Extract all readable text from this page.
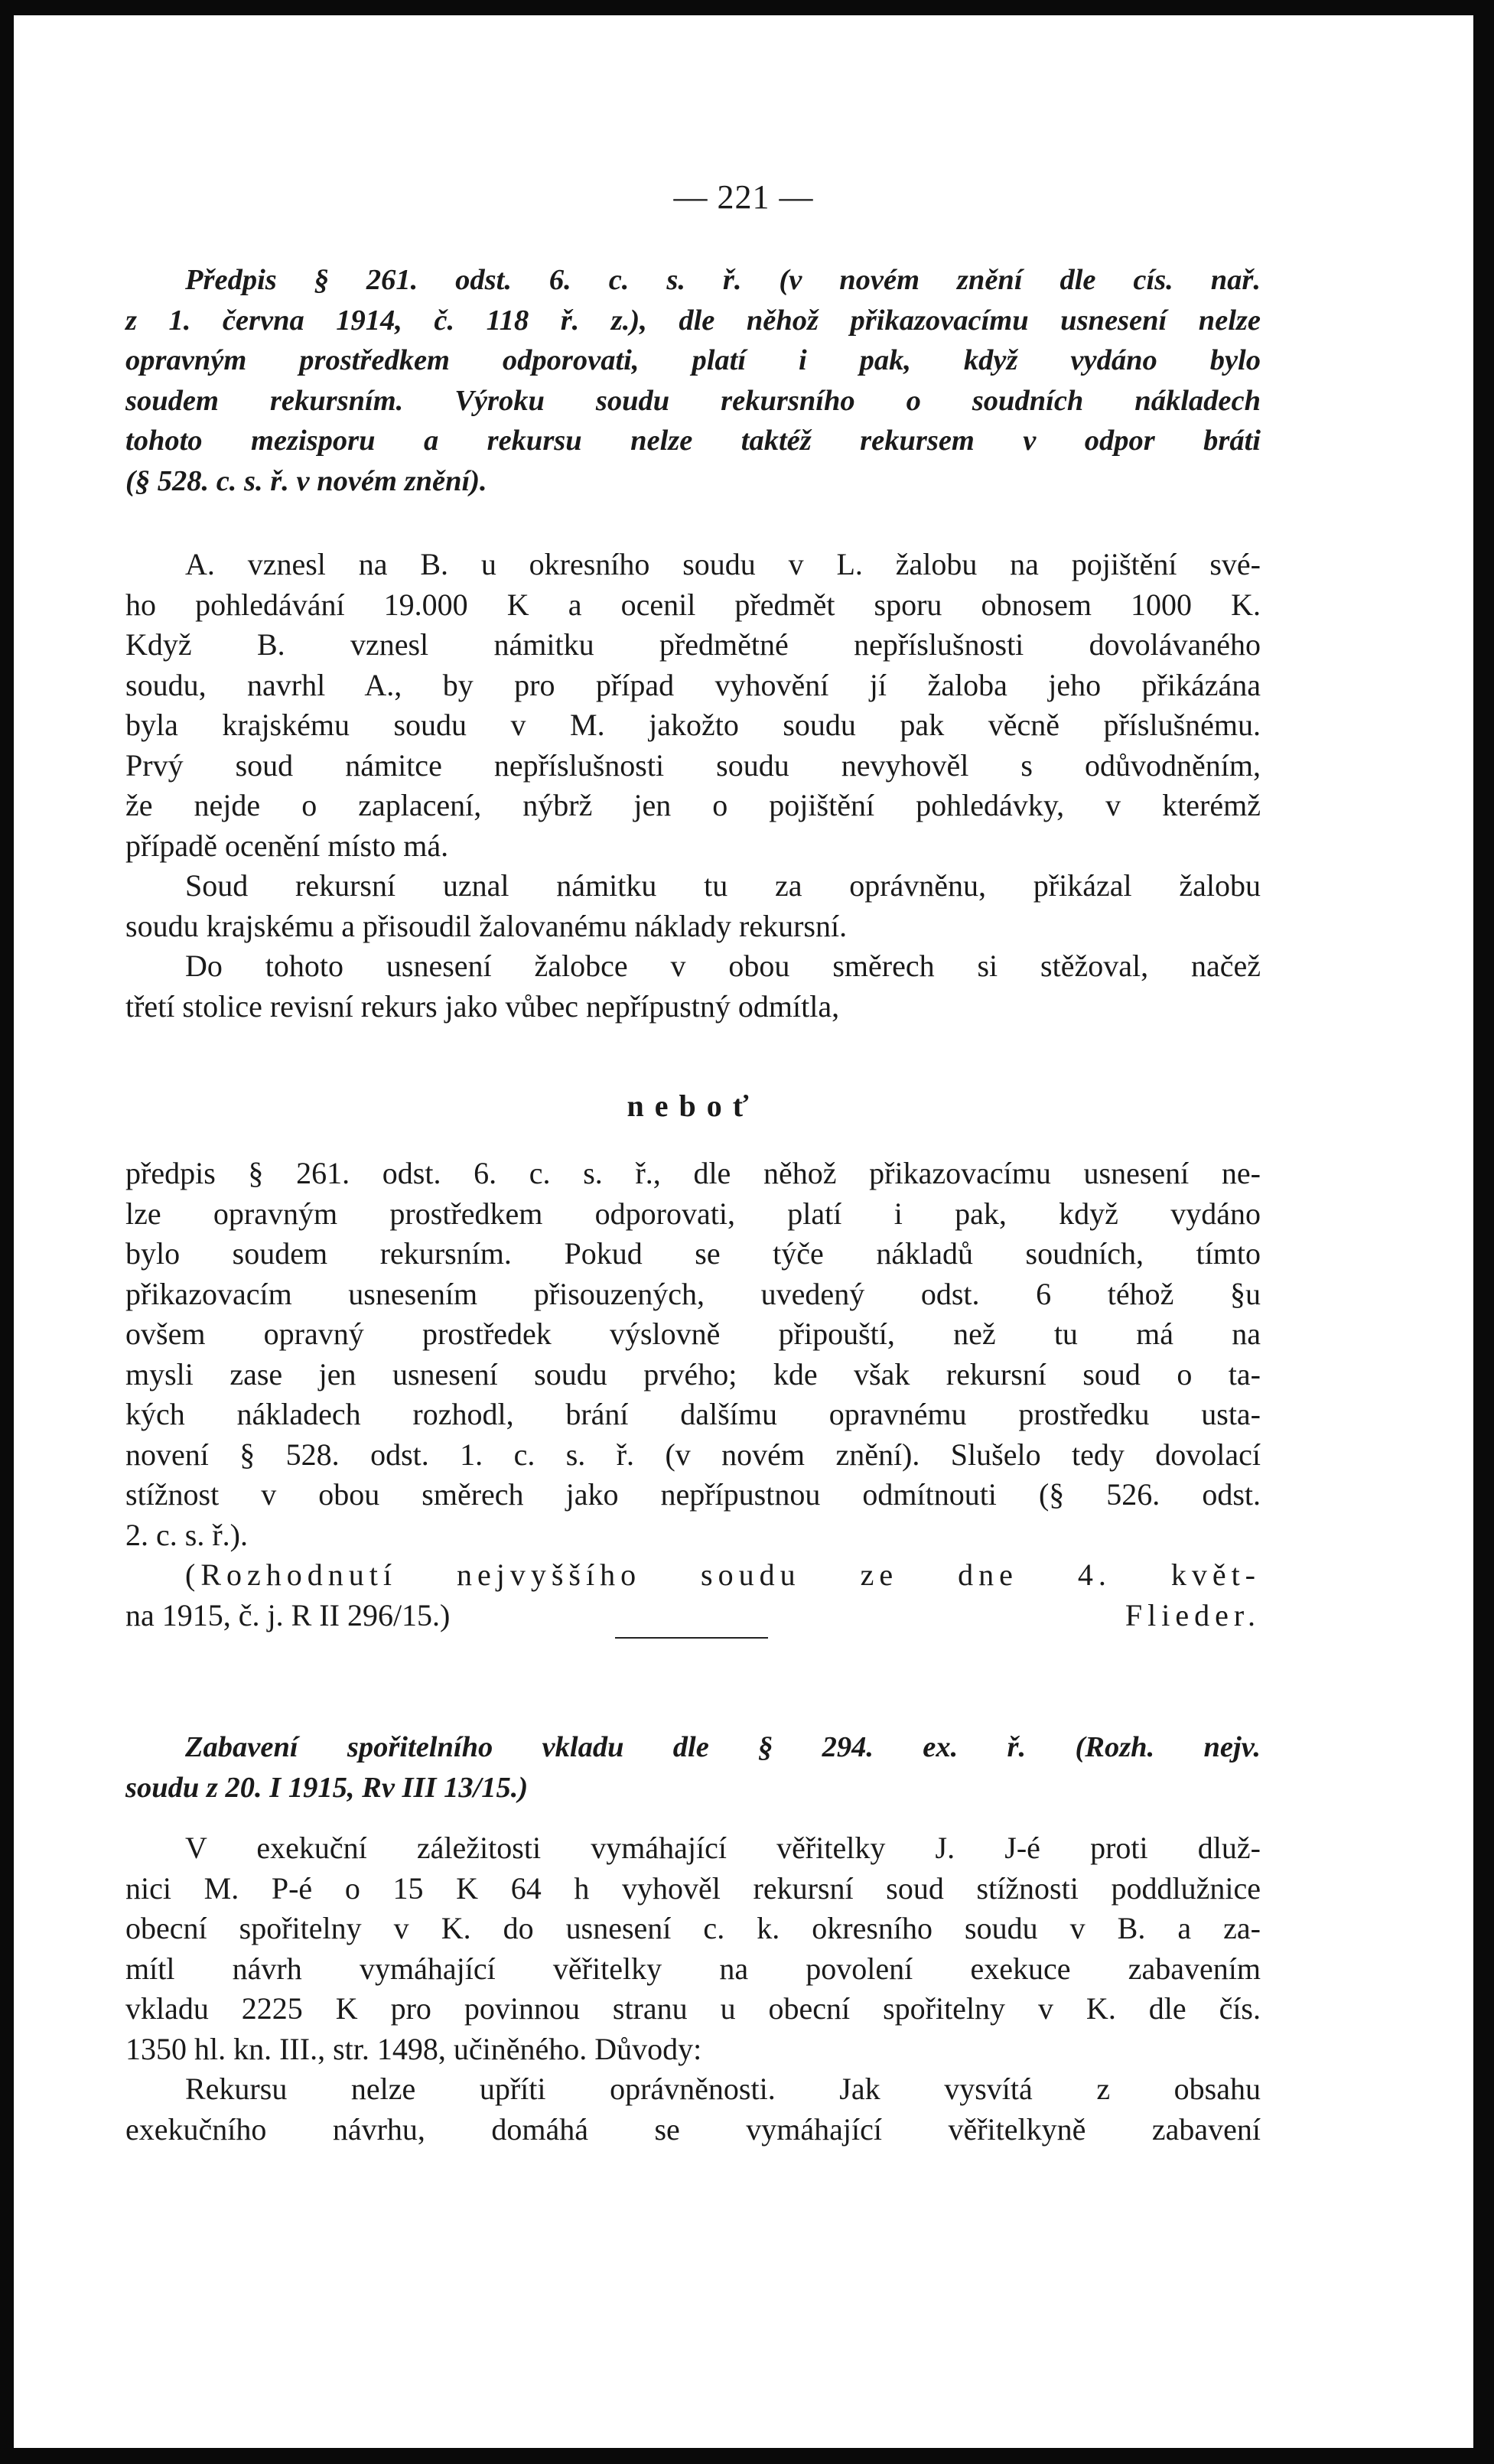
— 221 —
Předpis § 261. odst. 6. c. s. ř. (v novém znění dle cís. nař.
z 1. června 1914, č. 118 ř. z.), dle něhož přikazovacímu usnesení nelze
opravným prostředkem odporovati, platí i pak, když vydáno bylo
soudem rekursním. Výroku soudu rekursního o soudních nákladech
tohoto mezisporu a rekursu nelze taktéž rekursem v odpor bráti
(§ 528. c. s. ř. v novém znění).
A. vznesl na B. u okresního soudu v L. žalobu na pojištění své-
ho pohledávání 19.000 K a ocenil předmět sporu obnosem 1000 K.
Když B. vznesl námitku předmětné nepříslušnosti dovolávaného
soudu, navrhl A., by pro případ vyhovění jí žaloba jeho přikázána
byla krajskému soudu v M. jakožto soudu pak věcně příslušnému.
Prvý soud námitce nepříslušnosti soudu nevyhověl s odůvodněním,
že nejde o zaplacení, nýbrž jen o pojištění pohledávky, v kterémž
případě ocenění místo má.
Soud rekursní uznal námitku tu za oprávněnu, přikázal žalobu
soudu krajskému a přisoudil žalovanému náklady rekursní.
Do tohoto usnesení žalobce v obou směrech si stěžoval, načež
třetí stolice revisní rekurs jako vůbec nepřípustný odmítla,
neboť
předpis § 261. odst. 6. c. s. ř., dle něhož přikazovacímu usnesení ne-
lze opravným prostředkem odporovati, platí i pak, když vydáno
bylo soudem rekursním. Pokud se týče nákladů soudních, tímto
přikazovacím usnesením přisouzených, uvedený odst. 6 téhož §u
ovšem opravný prostředek výslovně připouští, než tu má na
mysli zase jen usnesení soudu prvého; kde však rekursní soud o ta-
kých nákladech rozhodl, brání dalšímu opravnému prostředku usta-
novení § 528. odst. 1. c. s. ř. (v novém znění). Slušelo tedy dovolací
stížnost v obou směrech jako nepřípustnou odmítnouti (§ 526. odst.
2. c. s. ř.).
(Rozhodnutí nejvyššího soudu ze dne 4. květ-
na 1915, č. j. R II 296/15.)	Flieder.
Zabavení spořitelního vkladu dle § 294. ex. ř. (Rozh. nejv.
soudu z 20. I 1915, Rv III 13/15.)
V exekuční záležitosti vymáhající věřitelky J. J-é proti dluž-
nici M. P-é o 15 K 64 h vyhověl rekursní soud stížnosti poddlužnice
obecní spořitelny v K. do usnesení c. k. okresního soudu v B. a za-
mítl návrh vymáhající věřitelky na povolení exekuce zabavením
vkladu 2225 K pro povinnou stranu u obecní spořitelny v K. dle čís.
1350 hl. kn. III., str. 1498, učiněného. Důvody:
Rekursu nelze upříti oprávněnosti. Jak vysvítá z obsahu
exekučního návrhu, domáhá se vymáhající věřitelkyně zabavení
